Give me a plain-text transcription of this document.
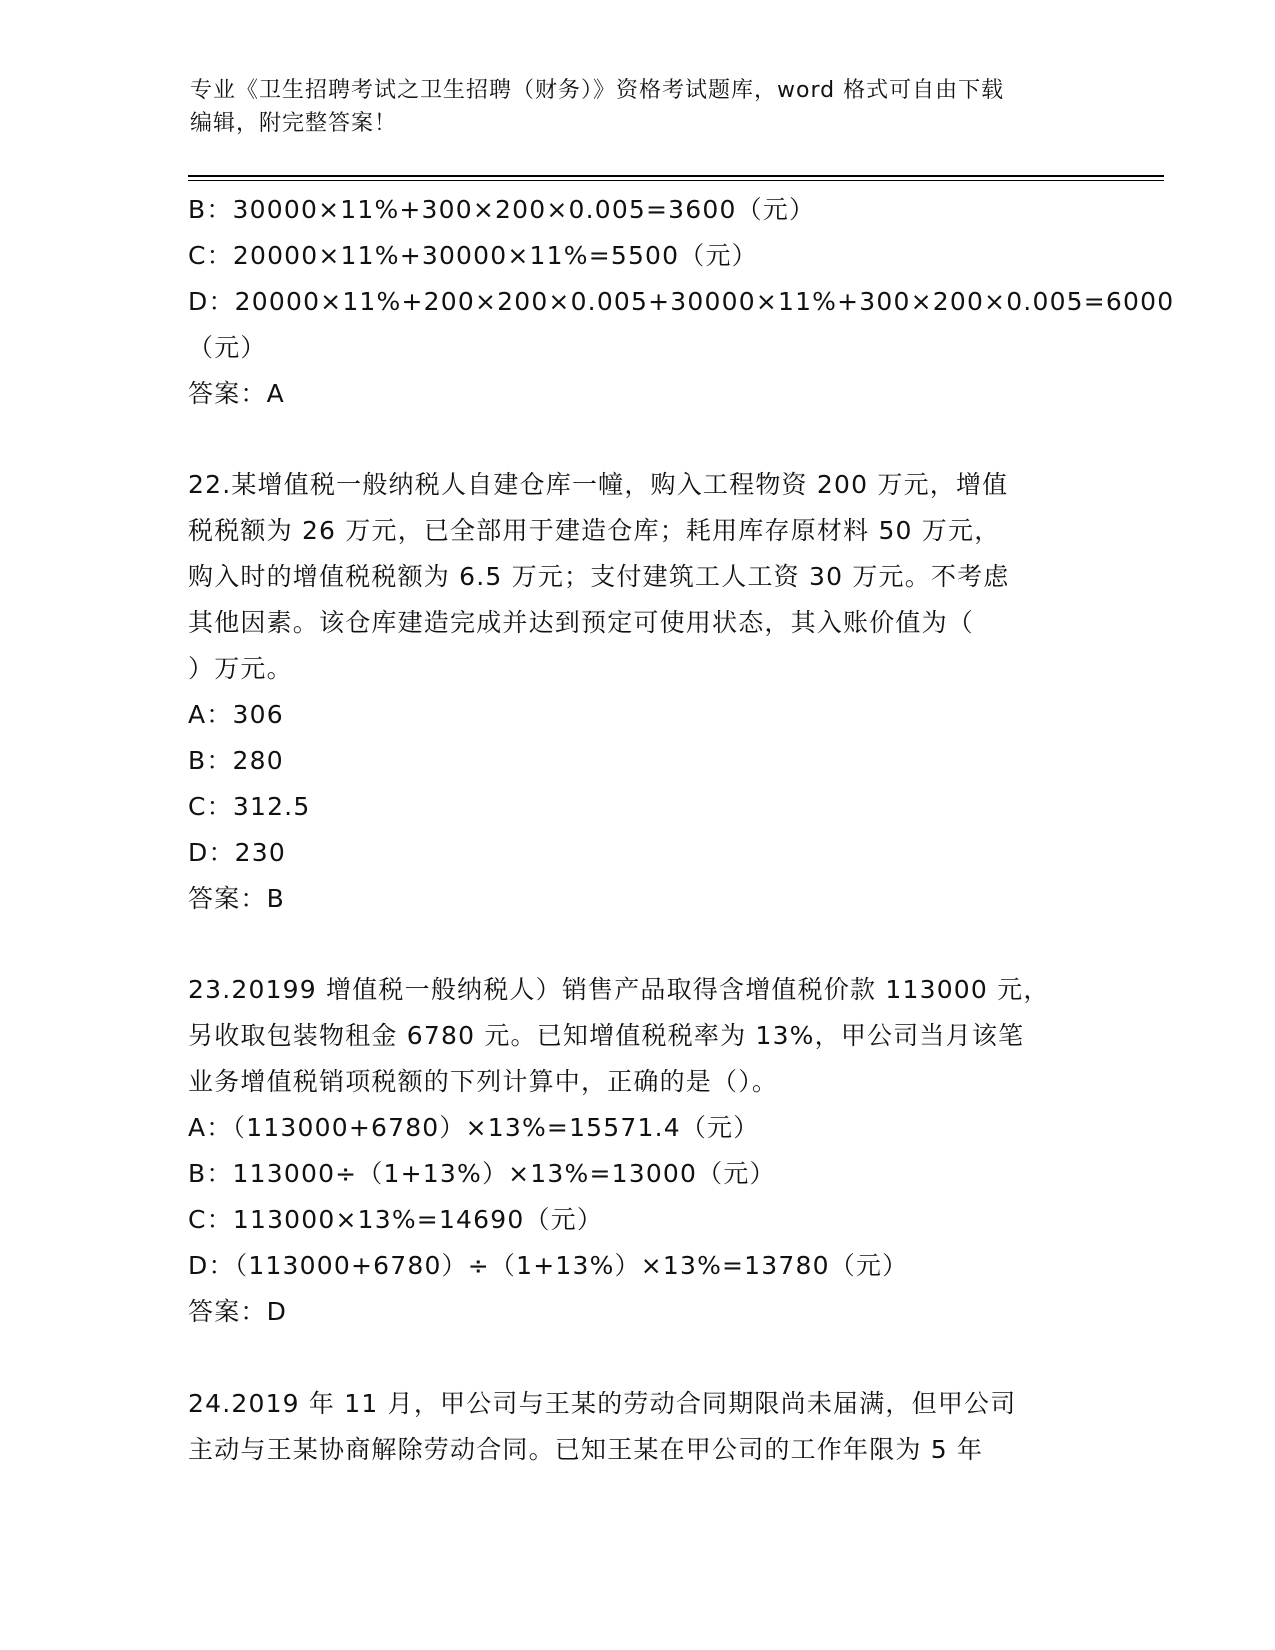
专业《卫生招聘考试之卫生招聘（财务）》资格考试题库，word 格式可自由下载
编辑，附完整答案！
B：30000×11%+300×200×0.005=3600（元）
C：20000×11%+30000×11%=5500（元）
D：20000×11%+200×200×0.005+30000×11%+300×200×0.005=6000
（元）
答案：A
22.某增值税一般纳税人自建仓库一幢，购入工程物资 200 万元，增值
税税额为 26 万元，已全部用于建造仓库；耗用库存原材料 50 万元，
购入时的增值税税额为 6.5 万元；支付建筑工人工资 30 万元。不考虑
其他因素。该仓库建造完成并达到预定可使用状态，其入账价值为（
）万元。
A：306
B：280
C：312.5
D：230
答案：B
23.20199 增值税一般纳税人）销售产品取得含增值税价款 113000 元，
另收取包装物租金 6780 元。已知增值税税率为 13%，甲公司当月该笔
业务增值税销项税额的下列计算中，正确的是（）。
A：（113000+6780）×13%=15571.4（元）
B：113000÷（1+13%）×13%=13000（元）
C：113000×13%=14690（元）
D：（113000+6780）÷（1+13%）×13%=13780（元）
答案：D
24.2019 年 11 月，甲公司与王某的劳动合同期限尚未届满，但甲公司
主动与王某协商解除劳动合同。已知王某在甲公司的工作年限为 5 年
